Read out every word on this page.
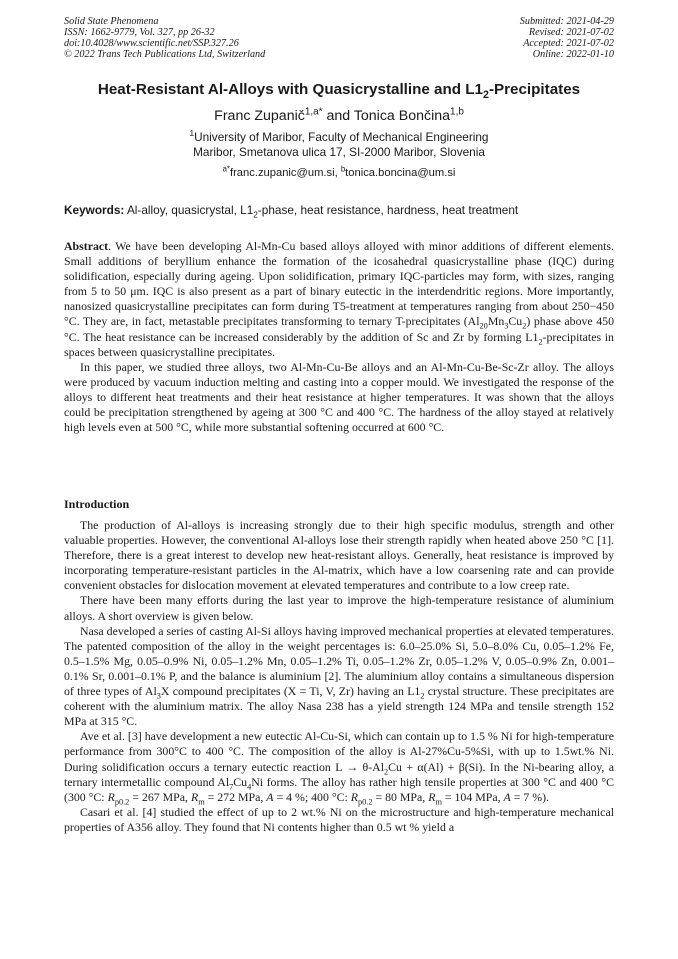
Solid State Phenomena
ISSN: 1662-9779, Vol. 327, pp 26-32
doi:10.4028/www.scientific.net/SSP.327.26
© 2022 Trans Tech Publications Ltd, Switzerland
Submitted: 2021-04-29
Revised: 2021-07-02
Accepted: 2021-07-02
Online: 2022-01-10
Heat-Resistant Al-Alloys with Quasicrystalline and $L1_2$-Precipitates
Franc Zupanič$^{1,a*}$ and Tonica Bončina$^{1,b}$
$^1$University of Maribor, Faculty of Mechanical Engineering
Maribor, Smetanova ulica 17, SI-2000 Maribor, Slovenia
$^{a*}$franc.zupanic@um.si, $^b$tonica.boncina@um.si
Keywords: Al-alloy, quasicrystal, $L1_2$-phase, heat resistance, hardness, heat treatment

Abstract. We have been developing Al-Mn-Cu based alloys alloyed with minor additions of different elements. Small additions of beryllium enhance the formation of the icosahedral quasicrystalline phase (IQC) during solidification, especially during ageing. Upon solidification, primary IQC-particles may form, with sizes, ranging from 5 to 50 μm. IQC is also present as a part of binary eutectic in the interdendritic regions. More importantly, nanosized quasicrystalline precipitates can form during T5-treatment at temperatures ranging from about 250−450 °C. They are, in fact, metastable precipitates transforming to ternary T-precipitates $(Al_{20}Mn_3Cu_2)$ phase above 450 °C. The heat resistance can be increased considerably by the addition of Sc and Zr by forming $L1_2$-precipitates in spaces between quasicrystalline precipitates.

In this paper, we studied three alloys, two Al-Mn-Cu-Be alloys and an Al-Mn-Cu-Be-Sc-Zr alloy. The alloys were produced by vacuum induction melting and casting into a copper mould. We investigated the response of the alloys to different heat treatments and their heat resistance at higher temperatures. It was shown that the alloys could be precipitation strengthened by ageing at 300 °C and 400 °C. The hardness of the alloy stayed at relatively high levels even at 500 °C, while more substantial softening occurred at 600 °C.

Introduction

The production of Al-alloys is increasing strongly due to their high specific modulus, strength and other valuable properties. However, the conventional Al-alloys lose their strength rapidly when heated above 250 °C [1]. Therefore, there is a great interest to develop new heat-resistant alloys. Generally, heat resistance is improved by incorporating temperature-resistant particles in the Al-matrix, which have a low coarsening rate and can provide convenient obstacles for dislocation movement at elevated temperatures and contribute to a low creep rate.

There have been many efforts during the last year to improve the high-temperature resistance of aluminium alloys. A short overview is given below.

Nasa developed a series of casting Al-Si alloys having improved mechanical properties at elevated temperatures. The patented composition of the alloy in the weight percentages is: 6.0–25.0% Si, 5.0–8.0% Cu, 0.05–1.2% Fe, 0.5–1.5% Mg, 0.05–0.9% Ni, 0.05–1.2% Mn, 0.05–1.2% Ti, 0.05–1.2% Zr, 0.05–1.2% V, 0.05–0.9% Zn, 0.001–0.1% Sr, 0.001–0.1% P, and the balance is aluminium [2]. The aluminium alloy contains a simultaneous dispersion of three types of $Al_3X$ compound precipitates (X = Ti, V, Zr) having an $L1_2$ crystal structure. These precipitates are coherent with the aluminium matrix. The alloy Nasa 238 has a yield strength 124 MPa and tensile strength 152 MPa at 315 °C.

Ave et al. [3] have development a new eutectic Al-Cu-Si, which can contain up to 1.5 % Ni for high-temperature performance from 300°C to 400 °C. The composition of the alloy is Al-27%Cu-5%Si, with up to 1.5wt.% Ni. During solidification occurs a ternary eutectic reaction $L \to \theta-Al_2Cu + \alpha(Al) + \beta(Si)$. In the Ni-bearing alloy, a ternary intermetallic compound $Al_7Cu_4Ni$ forms. The alloy has rather high tensile properties at 300 °C and 400 °C (300 °C: $R_{p0.2} = 267$ MPa, $R_m = 272$ MPa, A = 4 %; 400 °C: $R_{p0.2} = 80$ MPa, $R_m = 104$ MPa, A = 7 %).

Casari et al. [4] studied the effect of up to 2 wt.% Ni on the microstructure and high-temperature mechanical properties of A356 alloy. They found that Ni contents higher than 0.5 wt % yield a
